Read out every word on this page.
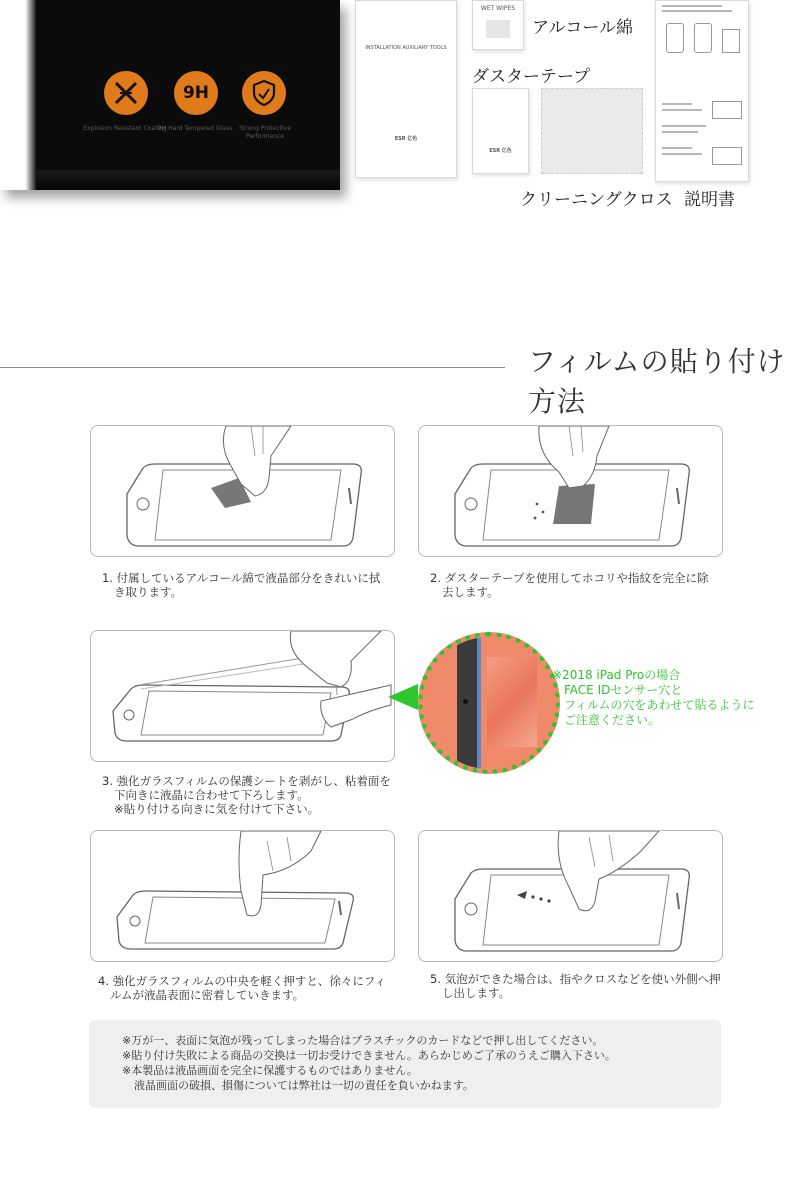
Explosion Resistant Coating
9H
9H Hard Tempered Glass	Strong Protective Performance
INSTALLATION AUXILIARY TOOLS
ESR 亿色
WET WIPES
アルコール綿
ダスターテープ
ESR 亿色
クリーニングクロス 説明書
フィルムの貼り付け方法
1. 付属しているアルコール綿で液晶部分をきれいに拭
き取ります。
2. ダスターテープを使用してホコリや指紋を完全に除
去します。
※2018 iPad Proの場合
FACE IDセンサー穴と
フィルムの穴をあわせて貼るように
ご注意ください。
3. 強化ガラスフィルムの保護シートを剥がし、粘着面を
下向きに液晶に合わせて下ろします。
※貼り付ける向きに気を付けて下さい。
4. 強化ガラスフィルムの中央を軽く押すと、徐々にフィ
ルムが液晶表面に密着していきます。
5. 気泡ができた場合は、指やクロスなどを使い外側へ押
し出します。
※万が一、表面に気泡が残ってしまった場合はプラスチックのカードなどで押し出してください。
※貼り付け失敗による商品の交換は一切お受けできません。あらかじめご了承のうえご購入下さい。
※本製品は液晶画面を完全に保護するものではありません。
液晶画面の破損、損傷については弊社は一切の責任を負いかねます。
